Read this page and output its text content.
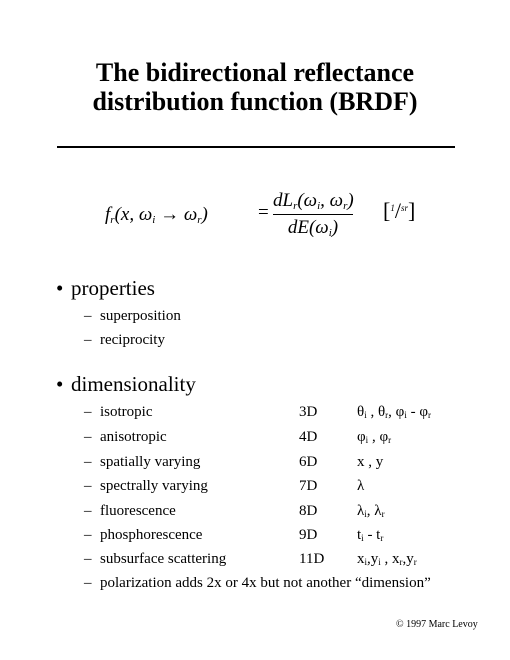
The bidirectional reflectance
distribution function (BRDF)
$f_r(x$, $\omega_i \to \omega_r$)	=
$dL_r(\omega_i$, $\omega_r$)
$dE(\omega_i)$
[$^1$/$^{sr}$]
• properties
– superposition
– reciprocity
• dimensionality
– isotropic	3D	$\theta_i$ , $\theta_r$, $\varphi_i - \varphi_r$
– anisotropic	4D	$\varphi_i$ , $\varphi_r$
– spatially varying	6D	x , y
– spectrally varying	7D	λ
– fluorescence	8D	$\lambda_i$, $\lambda_r$
– phosphorescence	9D	$t_i - t_r$
– subsurface scattering	11D $x_i,y_i$ , $x_r,y_r$
– polarization adds 2x or 4x but not another “dimension”
© 1997 Marc Levoy
